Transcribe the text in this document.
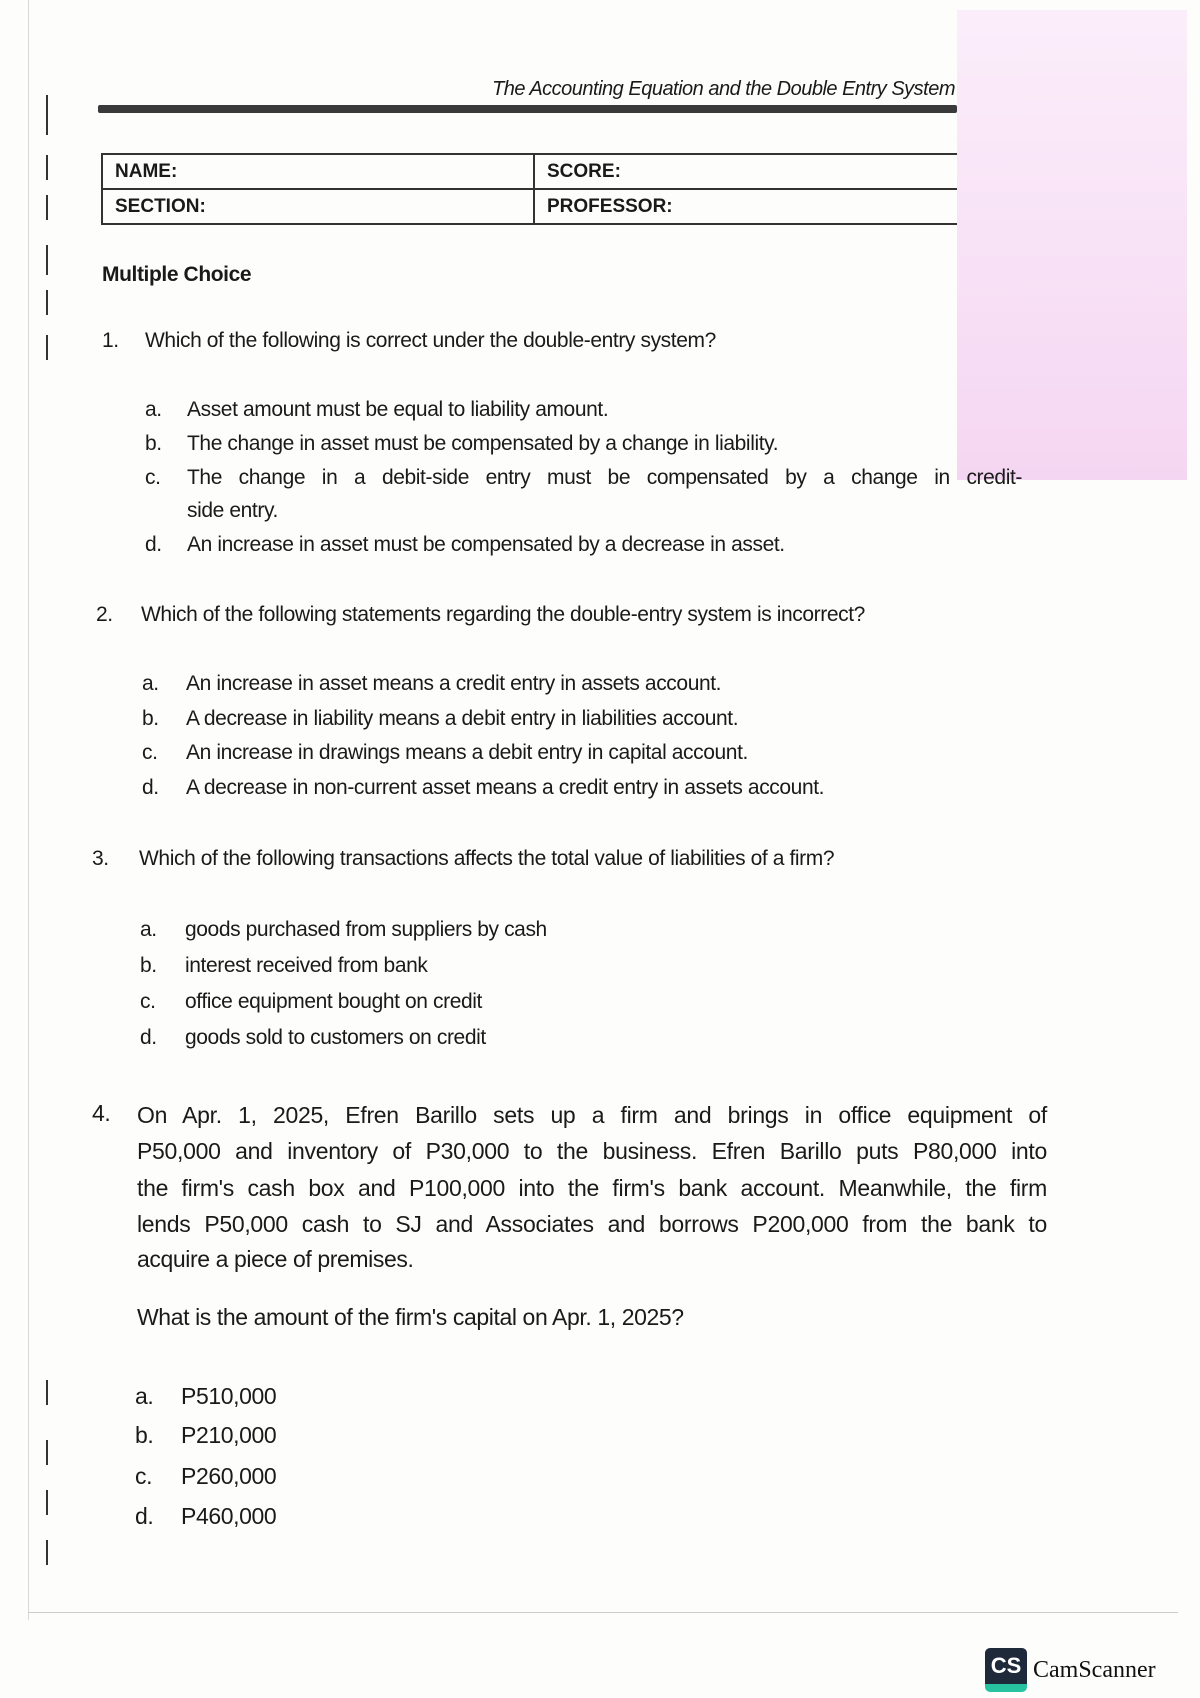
The Accounting Equation and the Double Entry System
NAME:	SCORE:
SECTION:	PROFESSOR:
Multiple Choice
1. Which of the following is correct under the double-entry system?
a. Asset amount must be equal to liability amount.
b. The change in asset must be compensated by a change in liability.
c. The change in a debit-side entry must be compensated by a change in credit-
side entry.
d. An increase in asset must be compensated by a decrease in asset.
2. Which of the following statements regarding the double-entry system is incorrect?
a. An increase in asset means a credit entry in assets account.
b. A decrease in liability means a debit entry in liabilities account.
c. An increase in drawings means a debit entry in capital account.
d. A decrease in non-current asset means a credit entry in assets account.
3. Which of the following transactions affects the total value of liabilities of a firm?
a. goods purchased from suppliers by cash
b. interest received from bank
c. office equipment bought on credit
d. goods sold to customers on credit
4. On Apr. 1, 2025, Efren Barillo sets up a firm and brings in office equipment of
P50,000 and inventory of P30,000 to the business. Efren Barillo puts P80,000 into
the firm's cash box and P100,000 into the firm's bank account. Meanwhile, the firm
lends P50,000 cash to SJ and Associates and borrows P200,000 from the bank to
acquire a piece of premises.
What is the amount of the firm's capital on Apr. 1, 2025?
a. P510,000
b. P210,000
c. P260,000
d. P460,000
CS CamScanner
